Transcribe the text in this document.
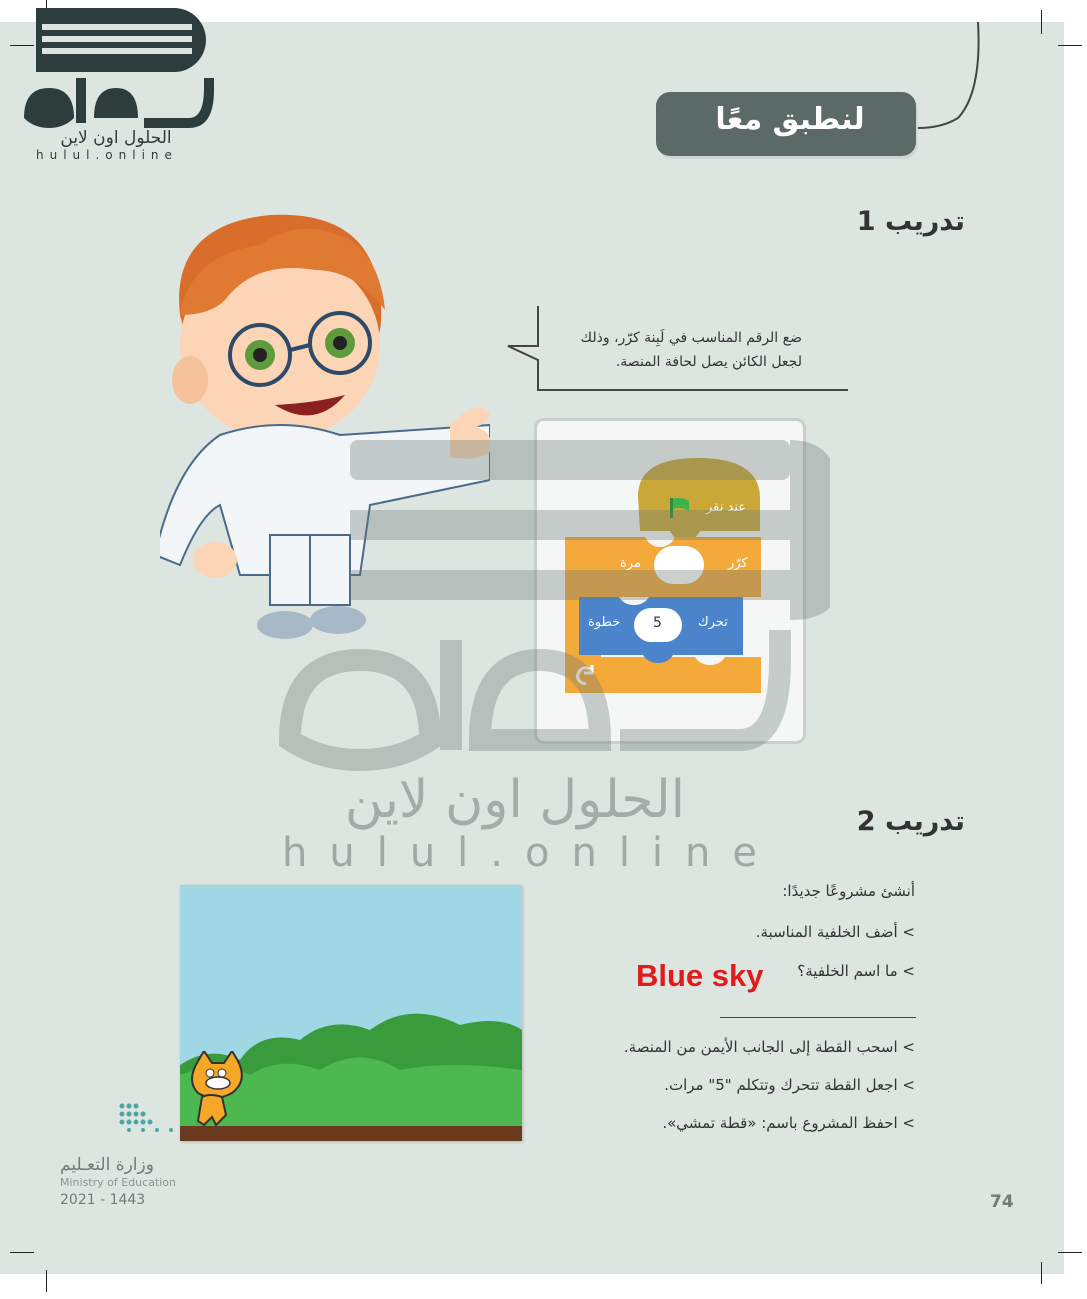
الحلول اون لاين
hulul.online
لنطبق معًا
تدريب 1
ضع الرقم المناسب في لَبِنة كرّر، وذلك
لجعل الكائن يصل لحافة المنصة.
عند نقر
كرّر
مرة
5	تحرك
خطوة
الحلول اون لاين
hulul.online
تدريب 2
أنشئ مشروعًا جديدًا:
> أضف الخلفية المناسبة.
> ما اسم الخلفية؟
Blue sky
> اسحب القطة إلى الجانب الأيمن من المنصة.
> اجعل القطة تتحرك وتتكلم "5" مرات.
> احفظ المشروع باسم: «قطة تمشي».
وزارة التعـليم
Ministry of Education
2021 - 1443	74
